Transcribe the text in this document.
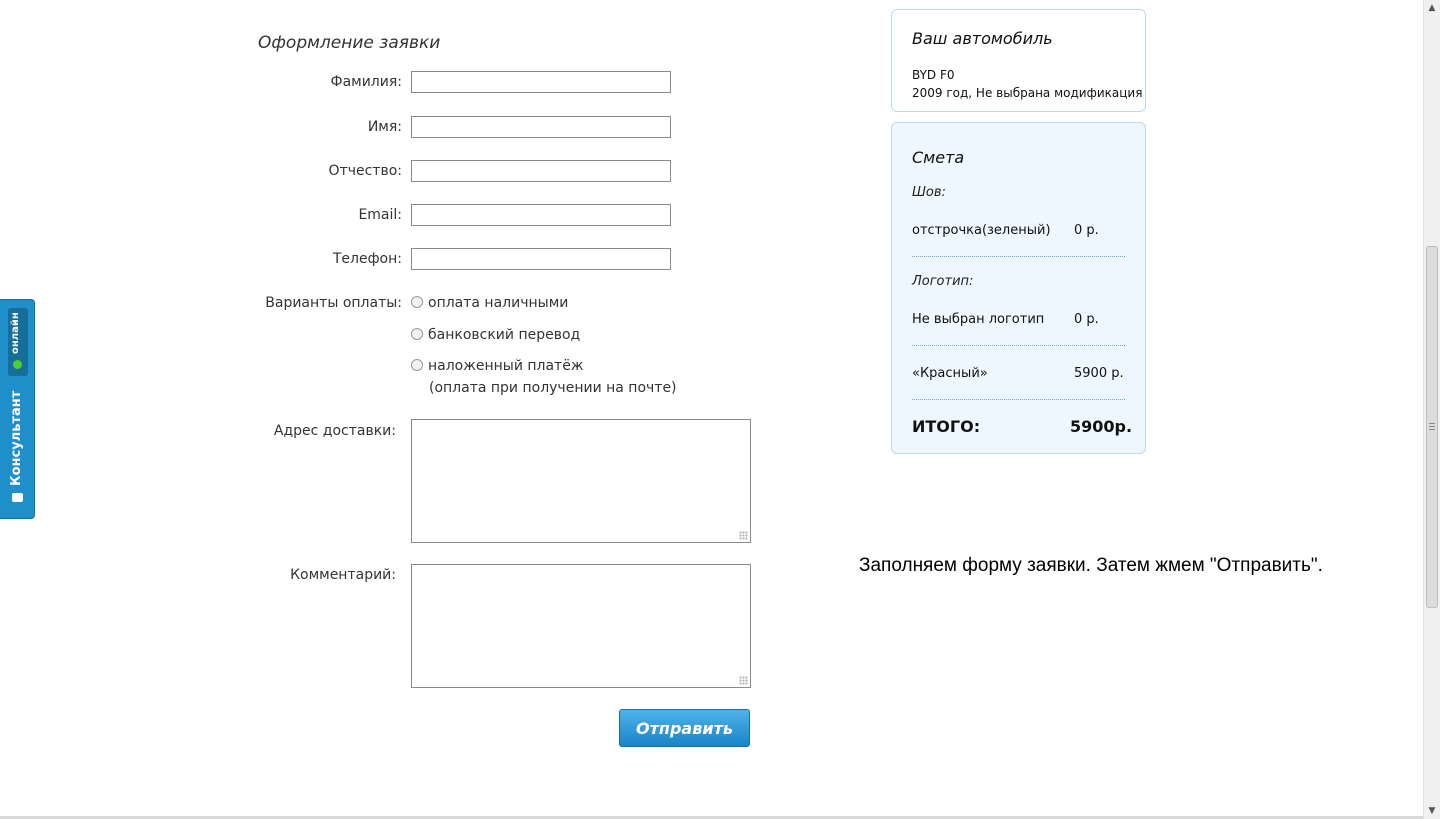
онлайн
Консультант
Оформление заявки
Фамилия:
Имя:
Отчество:
Email:
Телефон:
Варианты оплаты:	оплата наличными
банковский перевод
наложенный платёж
(оплата при получении на почте)
Адрес доставки:
Комментарий:
Отправить
Ваш автомобиль
BYD F0
2009 год, Не выбрана модификация
Смета
Шов:
отстрочка(зеленый) 0 р.
Логотип:
Не выбран логотип 0 р.
«Красный»	5900 р.
ИТОГО:	5900р.
Заполняем форму заявки. Затем жмем "Отправить".
▲
▼
